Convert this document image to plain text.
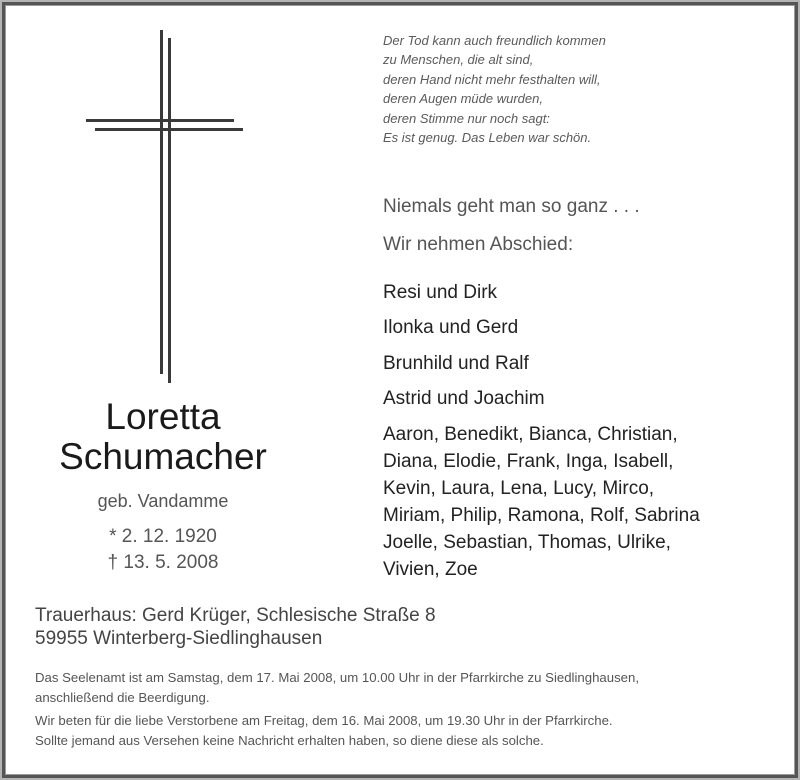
Der Tod kann auch freundlich kommen
zu Menschen, die alt sind,
deren Hand nicht mehr festhalten will,
deren Augen müde wurden,
deren Stimme nur noch sagt:
Es ist genug. Das Leben war schön.
Niemals geht man so ganz . . .
Wir nehmen Abschied:
Resi und Dirk
Ilonka und Gerd
Brunhild und Ralf
Astrid und Joachim
Aaron, Benedikt, Bianca, Christian,
Diana, Elodie, Frank, Inga, Isabell,
Kevin, Laura, Lena, Lucy, Mirco,
Miriam, Philip, Ramona, Rolf, Sabrina
Joelle, Sebastian, Thomas, Ulrike,
Vivien, Zoe
Loretta
Schumacher
geb. Vandamme
* 2. 12. 1920
† 13. 5. 2008
Trauerhaus: Gerd Krüger, Schlesische Straße 8
59955 Winterberg-Siedlinghausen
Das Seelenamt ist am Samstag, dem 17. Mai 2008, um 10.00 Uhr in der Pfarrkirche zu Siedlinghausen,
anschließend die Beerdigung.
Wir beten für die liebe Verstorbene am Freitag, dem 16. Mai 2008, um 19.30 Uhr in der Pfarrkirche.
Sollte jemand aus Versehen keine Nachricht erhalten haben, so diene diese als solche.
